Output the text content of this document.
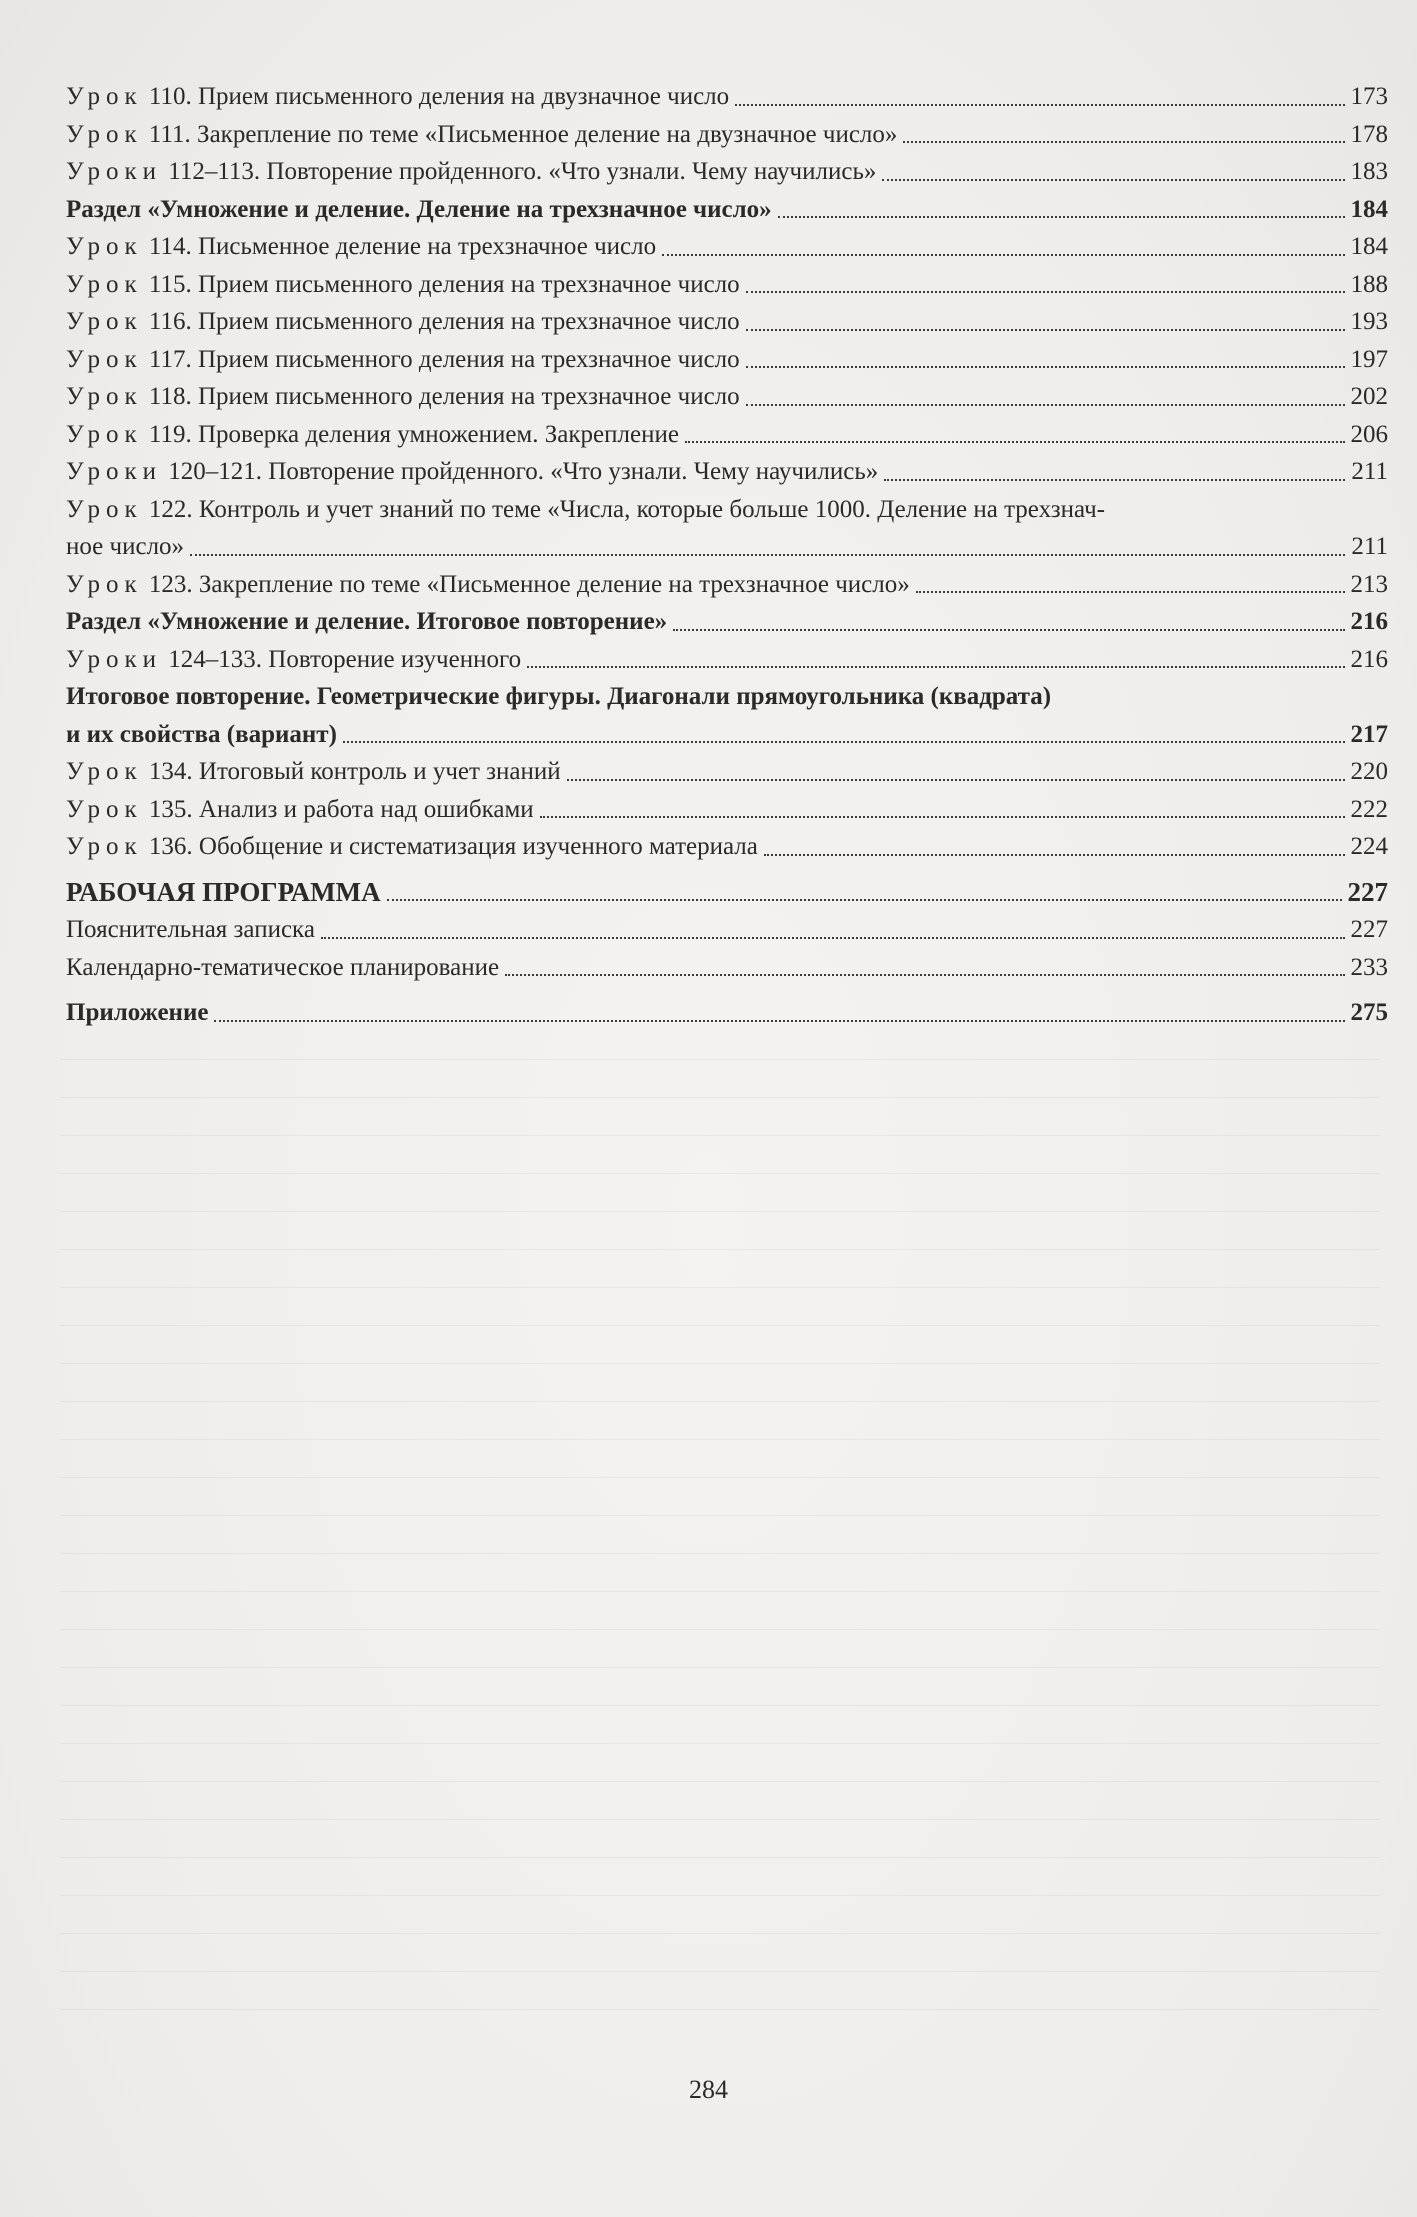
Урок 110. Прием письменного деления на двузначное число	173
Урок 111. Закрепление по теме «Письменное деление на двузначное число»	178
Уроки 112–113. Повторение пройденного. «Что узнали. Чему научились»	183
Раздел «Умножение и деление. Деление на трехзначное число»	184
Урок 114. Письменное деление на трехзначное число	184
Урок 115. Прием письменного деления на трехзначное число	188
Урок 116. Прием письменного деления на трехзначное число	193
Урок 117. Прием письменного деления на трехзначное число	197
Урок 118. Прием письменного деления на трехзначное число	202
Урок 119. Проверка деления умножением. Закрепление	206
Уроки 120–121. Повторение пройденного. «Что узнали. Чему научились»	211
Урок 122. Контроль и учет знаний по теме «Числа, которые больше 1000. Деление на трехзнач-
ное число»	211
Урок 123. Закрепление по теме «Письменное деление на трехзначное число»	213
Раздел «Умножение и деление. Итоговое повторение»	216
Уроки 124–133. Повторение изученного	216
Итоговое повторение. Геометрические фигуры. Диагонали прямоугольника (квадрата)
и их свойства (вариант)	217
Урок 134. Итоговый контроль и учет знаний	220
Урок 135. Анализ и работа над ошибками	222
Урок 136. Обобщение и систематизация изученного материала	224
РАБОЧАЯ ПРОГРАММА	227
Пояснительная записка	227
Календарно-тематическое планирование	233
Приложение	275
284
